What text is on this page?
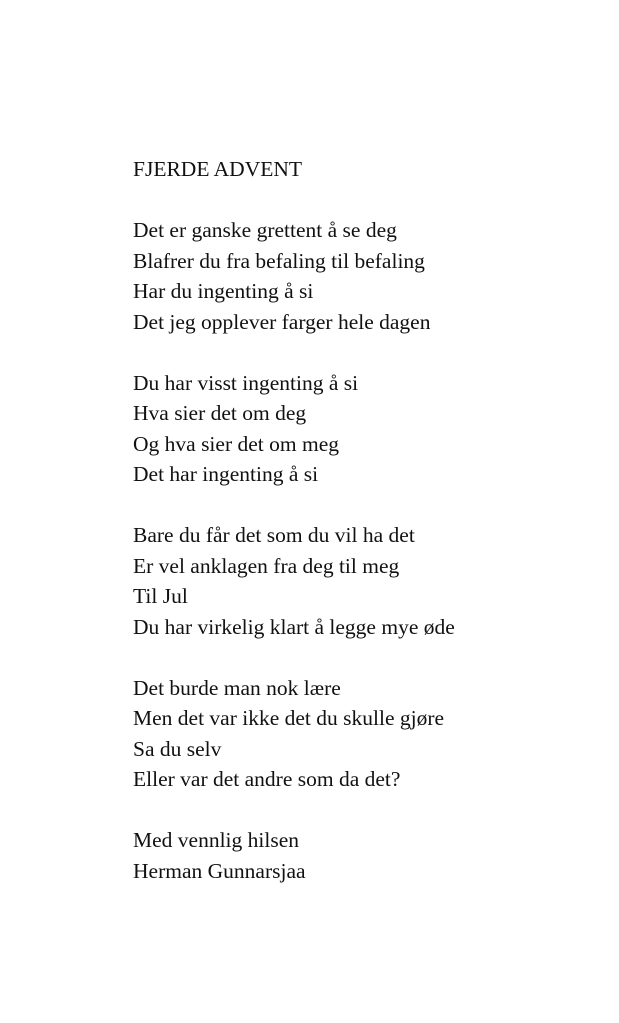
FJERDE ADVENT
Det er ganske grettent å se deg
Blafrer du fra befaling til befaling
Har du ingenting å si
Det jeg opplever farger hele dagen
Du har visst ingenting å si
Hva sier det om deg
Og hva sier det om meg
Det har ingenting å si
Bare du får det som du vil ha det
Er vel anklagen fra deg til meg
Til Jul
Du har virkelig klart å legge mye øde
Det burde man nok lære
Men det var ikke det du skulle gjøre
Sa du selv
Eller var det andre som da det?
Med vennlig hilsen
Herman Gunnarsjaa
